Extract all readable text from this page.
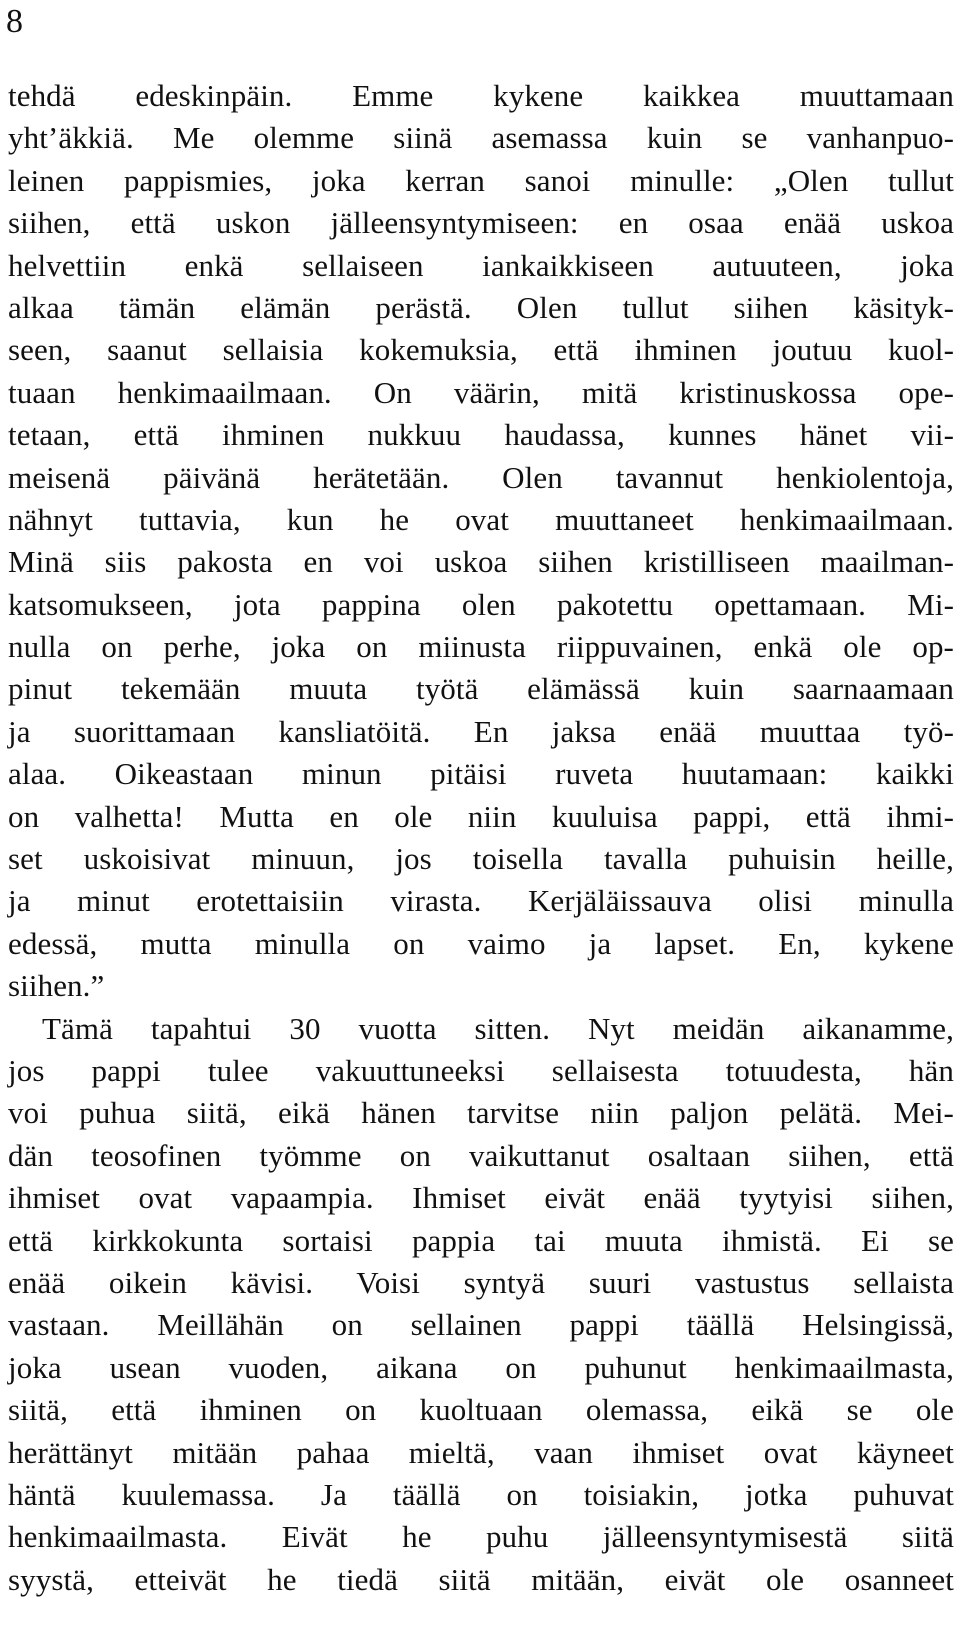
8
tehdä edeskinpäin. Emme kykene kaikkea muuttamaan
yht’äkkiä. Me olemme siinä asemassa kuin se vanhanpuo-
leinen pappismies, joka kerran sanoi minulle: „Olen tullut
siihen, että uskon jälleensyntymiseen: en osaa enää uskoa
helvettiin enkä sellaiseen iankaikkiseen autuuteen, joka
alkaa tämän elämän perästä. Olen tullut siihen käsityk-
seen, saanut sellaisia kokemuksia, että ihminen joutuu kuol-
tuaan henkimaailmaan. On väärin, mitä kristinuskossa ope-
tetaan, että ihminen nukkuu haudassa, kunnes hänet vii-
meisenä päivänä herätetään. Olen tavannut henkiolentoja,
nähnyt tuttavia, kun he ovat muuttaneet henkimaailmaan.
Minä siis pakosta en voi uskoa siihen kristilliseen maailman-
katsomukseen, jota pappina olen pakotettu opettamaan. Mi-
nulla on perhe, joka on miinusta riippuvainen, enkä ole op-
pinut tekemään muuta työtä elämässä kuin saarnaamaan
ja suorittamaan kansliatöitä. En jaksa enää muuttaa työ-
alaa. Oikeastaan minun pitäisi ruveta huutamaan: kaikki
on valhetta! Mutta en ole niin kuuluisa pappi, että ihmi-
set uskoisivat minuun, jos toisella tavalla puhuisin heille,
ja minut erotettaisiin virasta. Kerjäläissauva olisi minulla
edessä, mutta minulla on vaimo ja lapset. En, kykene
siihen.”
Tämä tapahtui 30 vuotta sitten. Nyt meidän aikanamme,
jos pappi tulee vakuuttuneeksi sellaisesta totuudesta, hän
voi puhua siitä, eikä hänen tarvitse niin paljon pelätä. Mei-
dän teosofinen työmme on vaikuttanut osaltaan siihen, että
ihmiset ovat vapaampia. Ihmiset eivät enää tyytyisi siihen,
että kirkkokunta sortaisi pappia tai muuta ihmistä. Ei se
enää oikein kävisi. Voisi syntyä suuri vastustus sellaista
vastaan. Meillähän on sellainen pappi täällä Helsingissä,
joka usean vuoden, aikana on puhunut henkimaailmasta,
siitä, että ihminen on kuoltuaan olemassa, eikä se ole
herättänyt mitään pahaa mieltä, vaan ihmiset ovat käyneet
häntä kuulemassa. Ja täällä on toisiakin, jotka puhuvat
henkimaailmasta. Eivät he puhu jälleensyntymisestä siitä
syystä, etteivät he tiedä siitä mitään, eivät ole osanneet
